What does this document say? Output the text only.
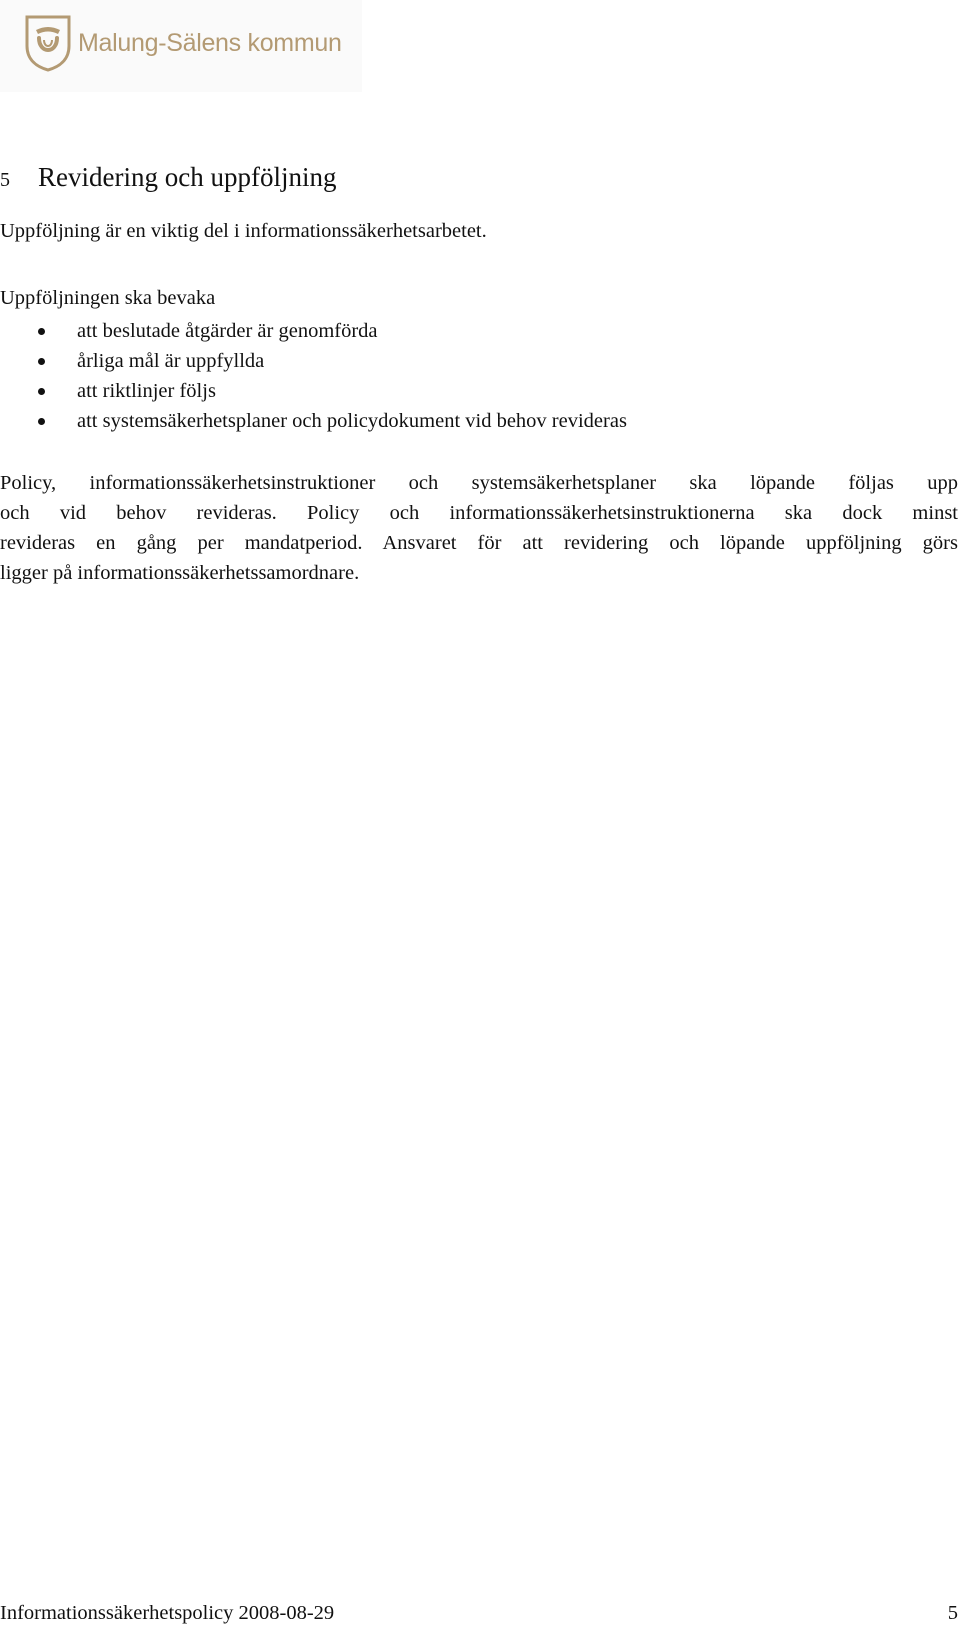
Malung-Sälens kommun
5	Revidering och uppföljning
Uppföljning är en viktig del i informationssäkerhetsarbetet.
Uppföljningen ska bevaka
att beslutade åtgärder är genomförda
årliga mål är uppfyllda
att riktlinjer följs
att systemsäkerhetsplaner och policydokument vid behov revideras
Policy, informationssäkerhetsinstruktioner och systemsäkerhetsplaner ska löpande följas upp
och vid behov revideras. Policy och informationssäkerhetsinstruktionerna ska dock minst
revideras en gång per mandatperiod. Ansvaret för att revidering och löpande uppföljning görs
ligger på informationssäkerhetssamordnare.
Informationssäkerhetspolicy 2008-08-29	5
